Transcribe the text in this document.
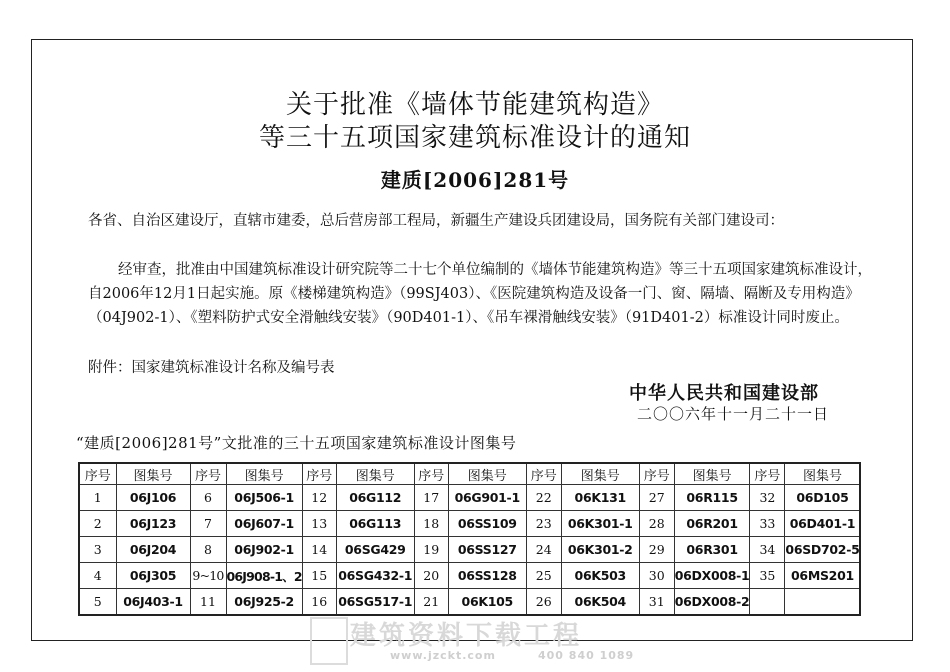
关于批准《墙体节能建筑构造》
等三十五项国家建筑标准设计的通知
建质[2006]281号
各省、自治区建设厅，直辖市建委，总后营房部工程局，新疆生产建设兵团建设局，国务院有关部门建设司：
经审查，批准由中国建筑标准设计研究院等二十七个单位编制的《墙体节能建筑构造》等三十五项国家建筑标准设计，自2006年12月1日起实施。原《楼梯建筑构造》（99SJ403）、《医院建筑构造及设备一门、窗、隔墙、隔断及专用构造》（04J902-1）、《塑料防护式安全滑触线安装》（90D401-1）、《吊车裸滑触线安装》（91D401-2）标准设计同时废止。
附件：国家建筑标准设计名称及编号表
中华人民共和国建设部
二〇〇六年十一月二十一日
“建质[2006]281号”文批准的三十五项国家建筑标准设计图集号
序号	图集号	序号	图集号	序号	图集号	序号	图集号	序号	图集号	序号	图集号	序号	图集号
1	06J106	6	06J506-1	12	06G112	17	06G901-1	22	06K131	27	06R115	32	06D105
2	06J123	7	06J607-1	13	06G113	18	06SS109	23	06K301-1	28	06R201	33	06D401-1
3	06J204	8	06J902-1	14	06SG429	19	06SS127	24	06K301-2	29	06R301	34	06SD702-5
4	06J305	9~10	06J908-1、2	15	06SG432-1	20	06SS128	25	06K503	30	06DX008-1	35	06MS201
5	06J403-1	11	06J925-2	16	06SG517-1	21	06K105	26	06K504	31	06DX008-2		
建筑资料下载工程
www.jzckt.com	400 840 1089
